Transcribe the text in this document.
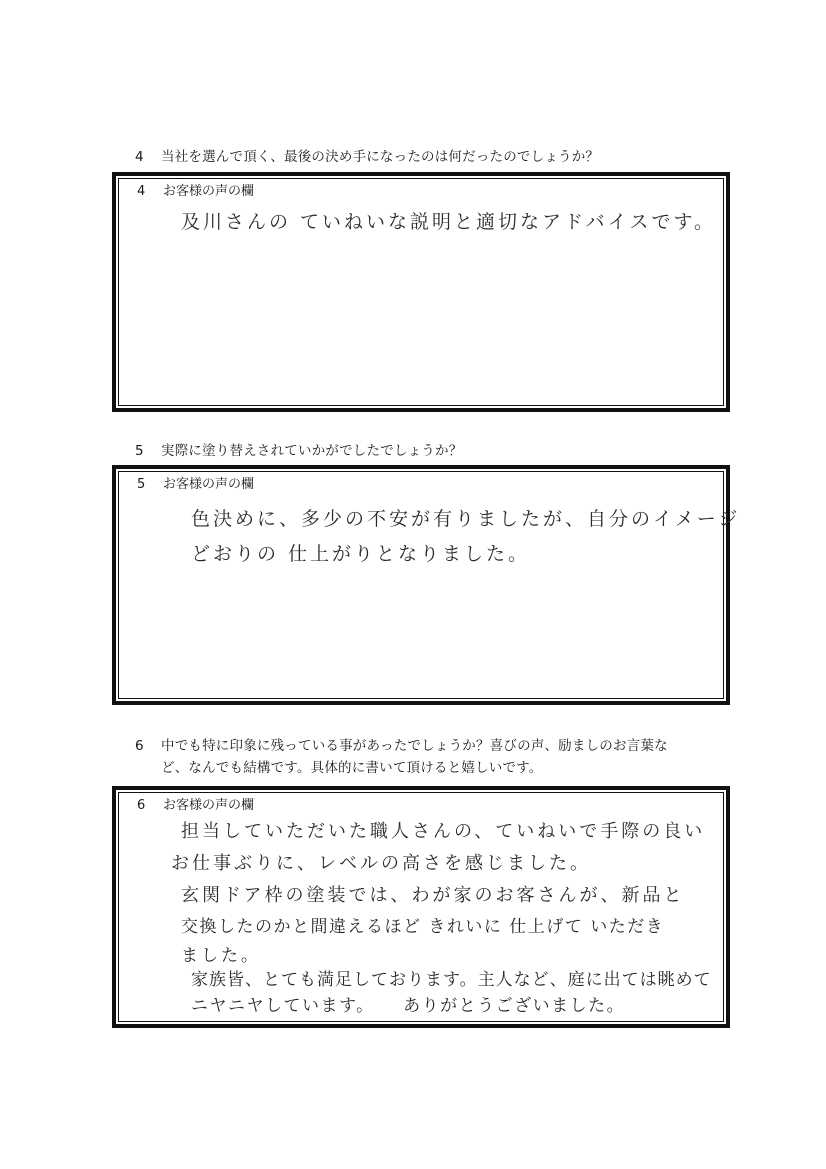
4 当社を選んで頂く、最後の決め手になったのは何だったのでしょうか？
4 お客様の声の欄
及川さんの ていねいな説明と適切なアドバイスです。
5 実際に塗り替えされていかがでしたでしょうか？
5 お客様の声の欄
色決めに、多少の不安が有りましたが、自分のイメージ
どおりの 仕上がりとなりました。
6 中でも特に印象に残っている事があったでしょうか？喜びの声、励ましのお言葉な
ど、なんでも結構です。具体的に書いて頂けると嬉しいです。
6 お客様の声の欄
担当していただいた職人さんの、ていねいで手際の良い
お仕事ぶりに、レベルの高さを感じました。
玄関ドア枠の塗装では、わが家のお客さんが、新品と
交換したのかと間違えるほど きれいに 仕上げて いただき
ました。
家族皆、とても満足しております。主人など、庭に出ては眺めて
ニヤニヤしています。　　ありがとうございました。
